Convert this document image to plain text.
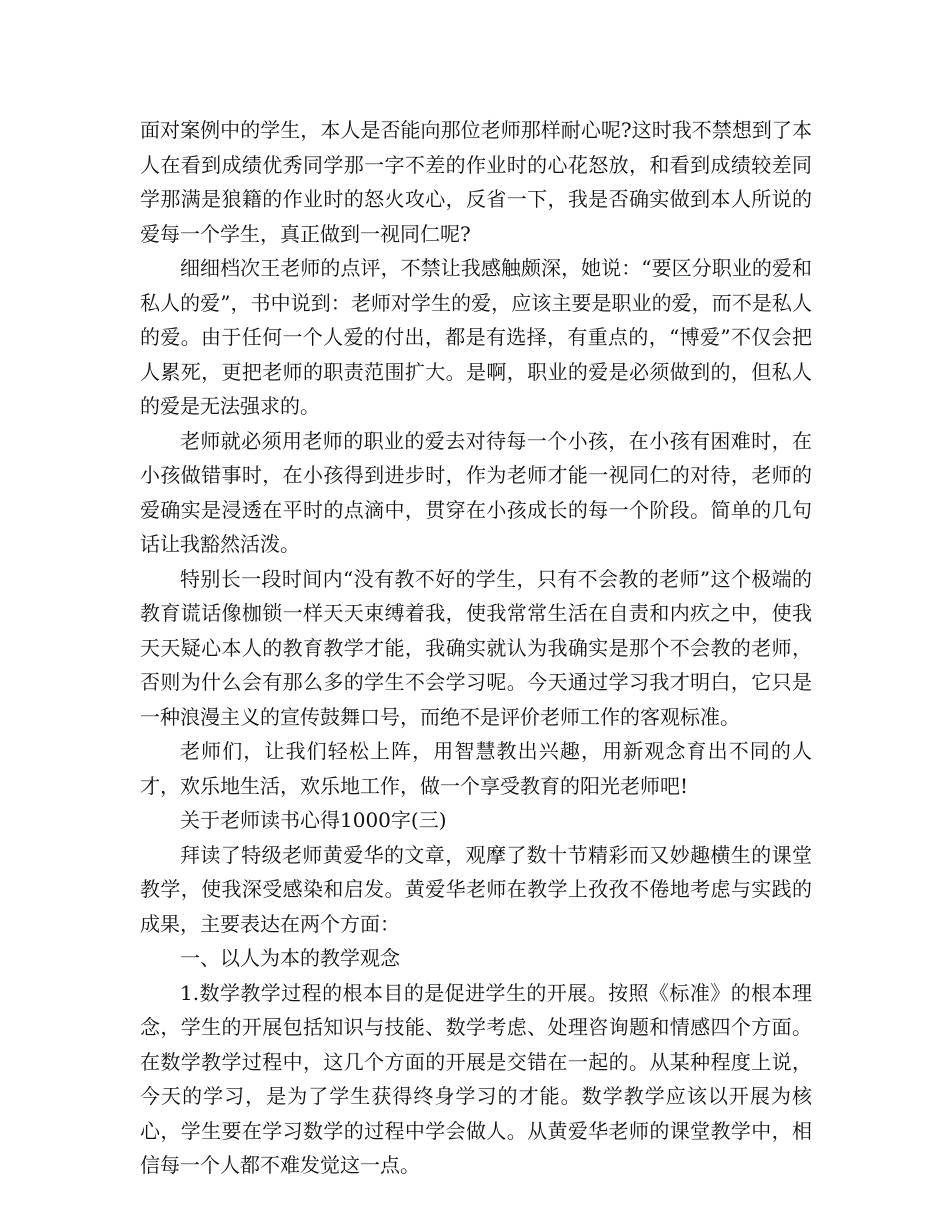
面对案例中的学生，本人是否能向那位老师那样耐心呢?这时我不禁想到了本人在看到成绩优秀同学那一字不差的作业时的心花怒放，和看到成绩较差同学那满是狼籍的作业时的怒火攻心，反省一下，我是否确实做到本人所说的爱每一个学生，真正做到一视同仁呢?

细细档次王老师的点评，不禁让我感触颇深，她说：“要区分职业的爱和私人的爱”，书中说到：老师对学生的爱，应该主要是职业的爱，而不是私人的爱。由于任何一个人爱的付出，都是有选择，有重点的，“博爱”不仅会把人累死，更把老师的职责范围扩大。是啊，职业的爱是必须做到的，但私人的爱是无法强求的。

老师就必须用老师的职业的爱去对待每一个小孩，在小孩有困难时，在小孩做错事时，在小孩得到进步时，作为老师才能一视同仁的对待，老师的爱确实是浸透在平时的点滴中，贯穿在小孩成长的每一个阶段。简单的几句话让我豁然活泼。

特别长一段时间内“没有教不好的学生，只有不会教的老师”这个极端的教育谎话像枷锁一样天天束缚着我，使我常常生活在自责和内疚之中，使我天天疑心本人的教育教学才能，我确实就认为我确实是那个不会教的老师，否则为什么会有那么多的学生不会学习呢。今天通过学习我才明白，它只是一种浪漫主义的宣传鼓舞口号，而绝不是评价老师工作的客观标准。

老师们，让我们轻松上阵，用智慧教出兴趣，用新观念育出不同的人才，欢乐地生活，欢乐地工作，做一个享受教育的阳光老师吧!

关于老师读书心得1000字(三)

拜读了特级老师黄爱华的文章，观摩了数十节精彩而又妙趣横生的课堂教学，使我深受感染和启发。黄爱华老师在教学上孜孜不倦地考虑与实践的成果，主要表达在两个方面：

一、以人为本的教学观念

1.数学教学过程的根本目的是促进学生的开展。按照《标准》的根本理念，学生的开展包括知识与技能、数学考虑、处理咨询题和情感四个方面。在数学教学过程中，这几个方面的开展是交错在一起的。从某种程度上说，今天的学习，是为了学生获得终身学习的才能。数学教学应该以开展为核心，学生要在学习数学的过程中学会做人。从黄爱华老师的课堂教学中，相信每一个人都不难发觉这一点。
